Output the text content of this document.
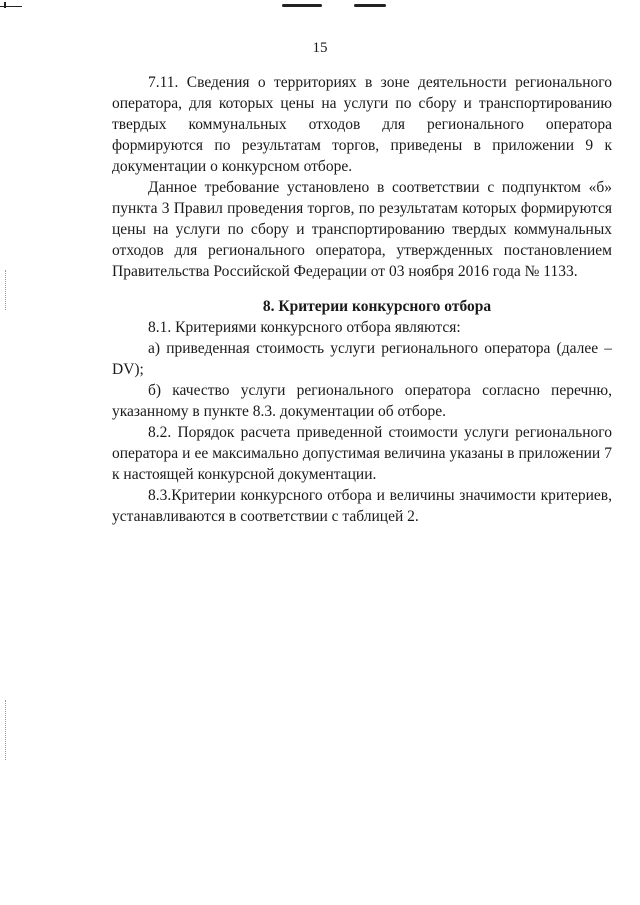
15

7.11. Сведения о территориях в зоне деятельности регионального оператора, для которых цены на услуги по сбору и транспортированию твердых коммунальных отходов для регионального оператора формируются по результатам торгов, приведены в приложении 9 к документации о конкурсном отборе.

Данное требование установлено в соответствии с подпунктом «б» пункта 3 Правил проведения торгов, по результатам которых формируются цены на услуги по сбору и транспортированию твердых коммунальных отходов для регионального оператора, утвержденных постановлением Правительства Российской Федерации от 03 ноября 2016 года № 1133.

8. Критерии конкурсного отбора

8.1. Критериями конкурсного отбора являются:

а) приведенная стоимость услуги регионального оператора (далее – DV);

б) качество услуги регионального оператора согласно перечню, указанному в пункте 8.3. документации об отборе.

8.2. Порядок расчета приведенной стоимости услуги регионального оператора и ее максимально допустимая величина указаны в приложении 7 к настоящей конкурсной документации.

8.3.Критерии конкурсного отбора и величины значимости критериев, устанавливаются в соответствии с таблицей 2.
